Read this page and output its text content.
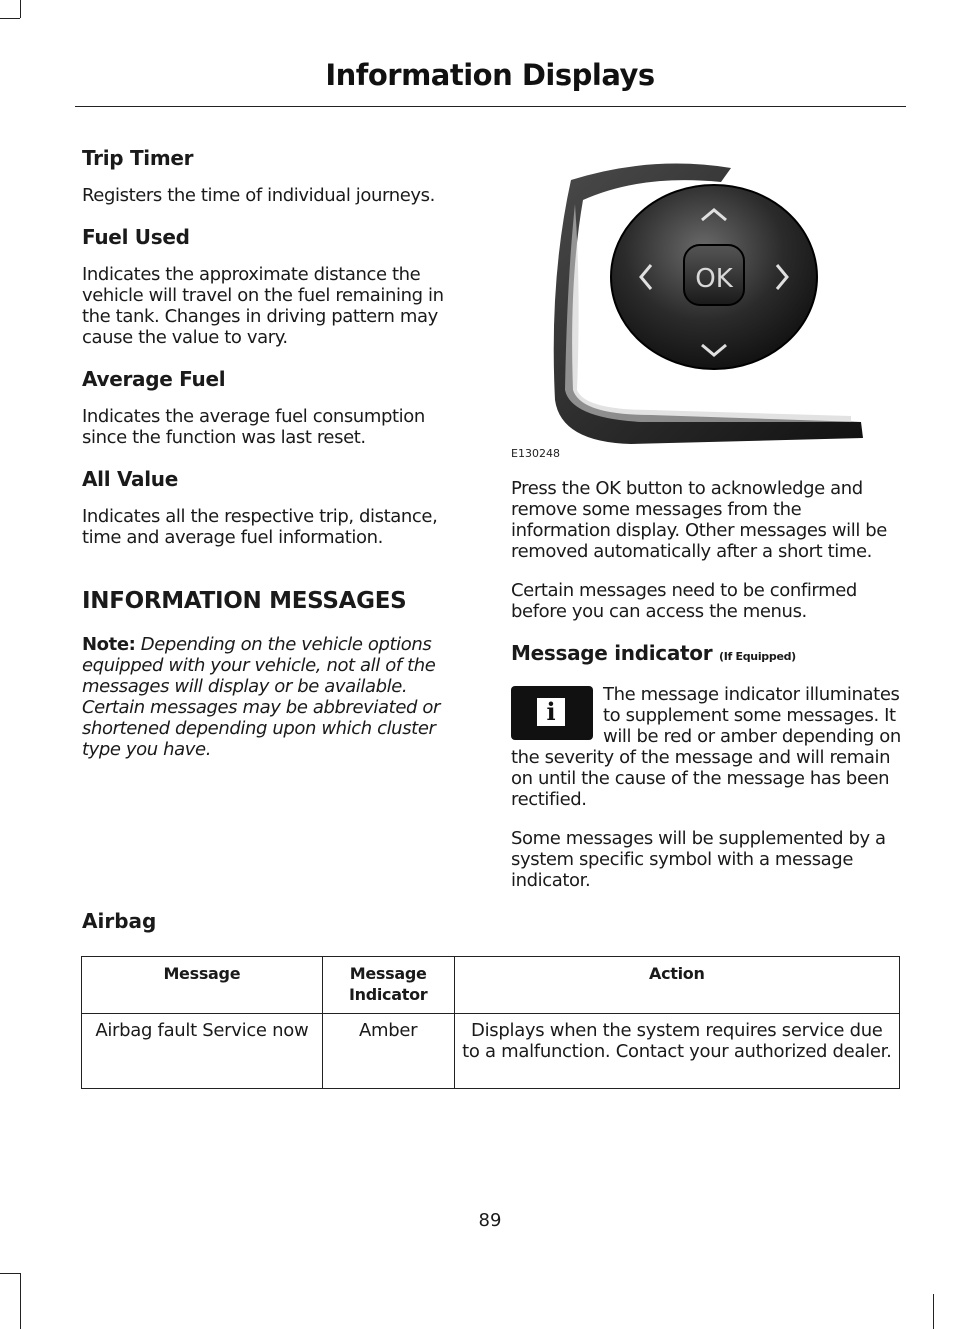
Information Displays
Trip Timer

Registers the time of individual journeys.

Fuel Used

Indicates the approximate distance the vehicle will travel on the fuel remaining in the tank. Changes in driving pattern may cause the value to vary.

Average Fuel

Indicates the average fuel consumption since the function was last reset.

All Value

Indicates all the respective trip, distance, time and average fuel information.

INFORMATION MESSAGES

Note: Depending on the vehicle options equipped with your vehicle, not all of the messages will display or be available. Certain messages may be abbreviated or shortened depending upon which cluster type you have.

OK
E130248

Press the OK button to acknowledge and remove some messages from the information display. Other messages will be removed automatically after a short time.

Certain messages need to be confirmed before you can access the menus.

Message indicator (If Equipped)
i

The message indicator illuminates to supplement some messages. It will be red or amber depending on the severity of the message and will remain on until the cause of the message has been rectified.

Some messages will be supplemented by a system specific symbol with a message indicator.

Airbag
Message	Message Indicator	Action
Airbag fault Service now	Amber	Displays when the system requires service due to a malfunction. Contact your authorized dealer.
89
